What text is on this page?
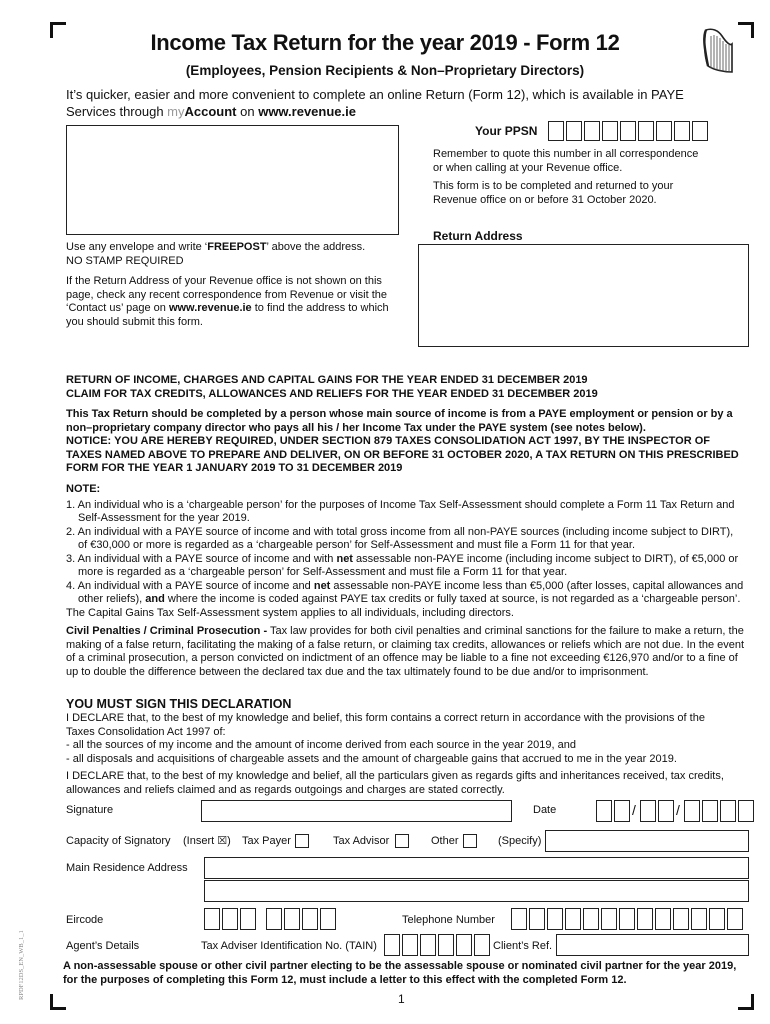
Income Tax Return for the year 2019 - Form 12
(Employees, Pension Recipients & Non–Proprietary Directors)
It’s quicker, easier and more convenient to complete an online Return (Form 12), which is available in PAYE
Services through myAccount on www.revenue.ie
Your PPSN
Remember to quote this number in all correspondence
or when calling at your Revenue office.
This form is to be completed and returned to your
Revenue office on or before 31 October 2020.
Use any envelope and write ‘FREEPOST’ above the address.
NO STAMP REQUIRED
If the Return Address of your Revenue office is not shown on this
page, check any recent correspondence from Revenue or visit the
‘Contact us’ page on www.revenue.ie to find the address to which
you should submit this form.
Return Address
RETURN OF INCOME, CHARGES AND CAPITAL GAINS FOR THE YEAR ENDED 31 DECEMBER 2019
CLAIM FOR TAX CREDITS, ALLOWANCES AND RELIEFS FOR THE YEAR ENDED 31 DECEMBER 2019
This Tax Return should be completed by a person whose main source of income is from a PAYE employment or pension or by a
non–proprietary company director who pays all his / her Income Tax under the PAYE system (see notes below).
NOTICE: YOU ARE HEREBY REQUIRED, UNDER SECTION 879 TAXES CONSOLIDATION ACT 1997, BY THE INSPECTOR OF
TAXES NAMED ABOVE TO PREPARE AND DELIVER, ON OR BEFORE 31 OCTOBER 2020, A TAX RETURN ON THIS PRESCRIBED
FORM FOR THE YEAR 1 JANUARY 2019 TO 31 DECEMBER 2019
NOTE:
1. An individual who is a ‘chargeable person’ for the purposes of Income Tax Self-Assessment should complete a Form 11 Tax Return and
Self-Assessment for the year 2019.
2. An individual with a PAYE source of income and with total gross income from all non-PAYE sources (including income subject to DIRT),
of €30,000 or more is regarded as a ‘chargeable person’ for Self-Assessment and must file a Form 11 for that year.
3. An individual with a PAYE source of income and with net assessable non-PAYE income (including income subject to DIRT), of €5,000 or
more is regarded as a ‘chargeable person’ for Self-Assessment and must file a Form 11 for that year.
4. An individual with a PAYE source of income and net assessable non-PAYE income less than €5,000 (after losses, capital allowances and
other reliefs), and where the income is coded against PAYE tax credits or fully taxed at source, is not regarded as a ‘chargeable person’.
The Capital Gains Tax Self-Assessment system applies to all individuals, including directors.
Civil Penalties / Criminal Prosecution - Tax law provides for both civil penalties and criminal sanctions for the failure to make a return, the
making of a false return, facilitating the making of a false return, or claiming tax credits, allowances or reliefs which are not due. In the event
of a criminal prosecution, a person convicted on indictment of an offence may be liable to a fine not exceeding €126,970 and/or to a fine of
up to double the difference between the declared tax due and the tax ultimately found to be due and/or to imprisonment.
YOU MUST SIGN THIS DECLARATION
I DECLARE that, to the best of my knowledge and belief, this form contains a correct return in accordance with the provisions of the
Taxes Consolidation Act 1997 of:
- all the sources of my income and the amount of income derived from each source in the year 2019, and
- all disposals and acquisitions of chargeable assets and the amount of chargeable gains that accrued to me in the year 2019.
I DECLARE that, to the best of my knowledge and belief, all the particulars given as regards gifts and inheritances received, tax credits,
allowances and reliefs claimed and as regards outgoings and charges are stated correctly.
Signature	Date	/	/
Capacity of Signatory (Insert ☒) Tax Payer	Tax Advisor	Other	(Specify)
Main Residence Address
Eircode	Telephone Number
Agent’s Details	Tax Adviser Identification No. (TAIN)	Client’s Ref.
A non-assessable spouse or other civil partner electing to be the assessable spouse or nominated civil partner for the year 2019,
for the purposes of completing this Form 12, must include a letter to this effect with the completed Form 12.
1
RPDF12DS_EN_WB_1_1
